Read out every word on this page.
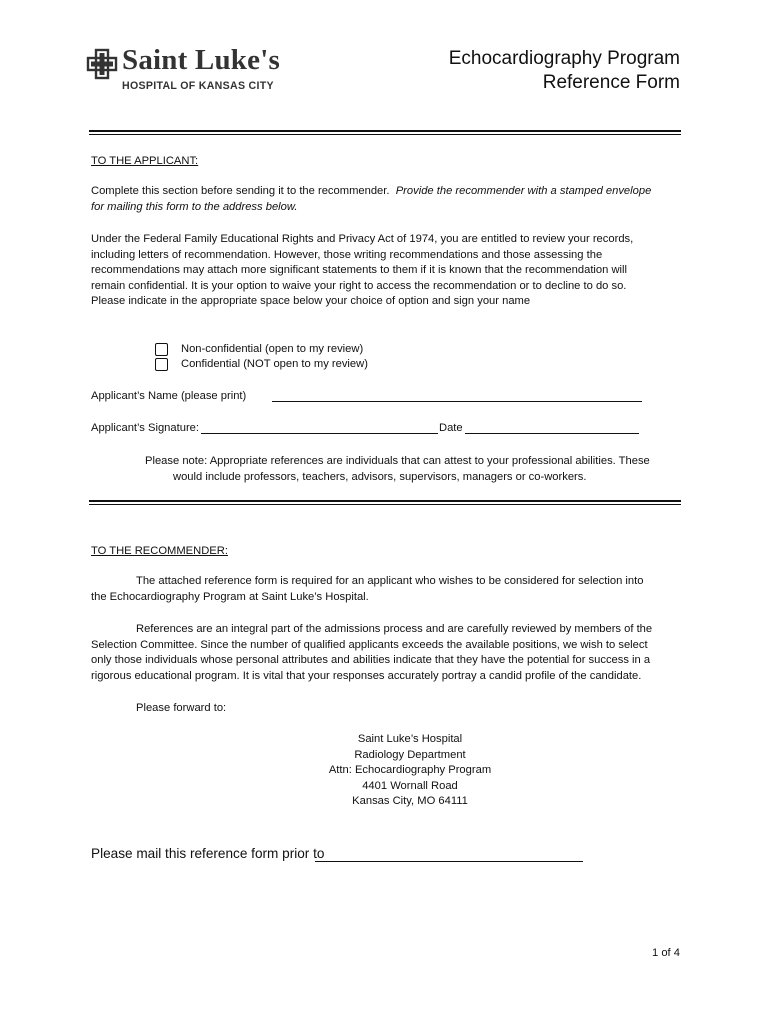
Saint Luke's
HOSPITAL OF KANSAS CITY
Echocardiography Program
Reference Form
TO THE APPLICANT:
Complete this section before sending it to the recommender. Provide the recommender with a stamped envelope
for mailing this form to the address below.
Under the Federal Family Educational Rights and Privacy Act of 1974, you are entitled to review your records,
including letters of recommendation. However, those writing recommendations and those assessing the
recommendations may attach more significant statements to them if it is known that the recommendation will
remain confidential. It is your option to waive your right to access the recommendation or to decline to do so.
Please indicate in the appropriate space below your choice of option and sign your name
Non-confidential (open to my review)
Confidential (NOT open to my review)
Applicant’s Name (please print)
Applicant’s Signature:	Date
Please note: Appropriate references are individuals that can attest to your professional abilities. These
would include professors, teachers, advisors, supervisors, managers or co-workers.
TO THE RECOMMENDER:
The attached reference form is required for an applicant who wishes to be considered for selection into
the Echocardiography Program at Saint Luke’s Hospital.
References are an integral part of the admissions process and are carefully reviewed by members of the
Selection Committee. Since the number of qualified applicants exceeds the available positions, we wish to select
only those individuals whose personal attributes and abilities indicate that they have the potential for success in a
rigorous educational program. It is vital that your responses accurately portray a candid profile of the candidate.
Please forward to:
Saint Luke’s Hospital
Radiology Department
Attn: Echocardiography Program
4401 Wornall Road
Kansas City, MO 64111
Please mail this reference form prior to
1 of 4
